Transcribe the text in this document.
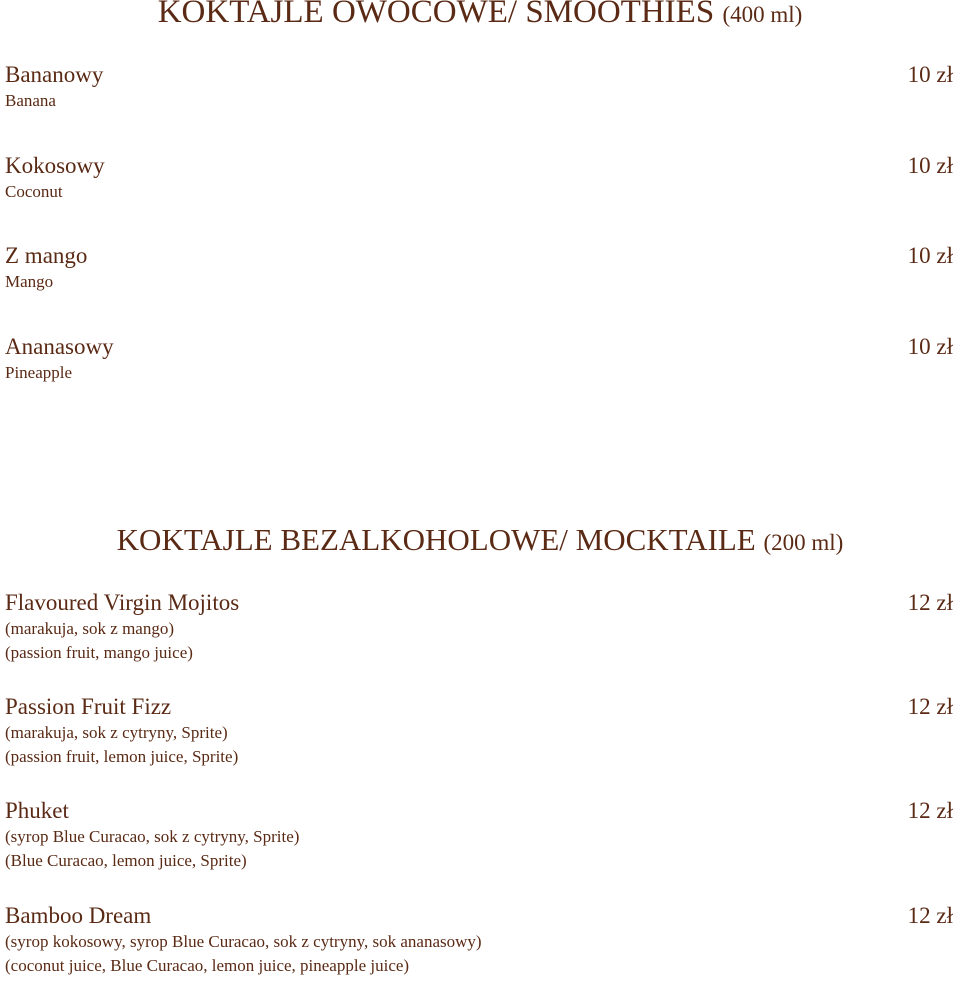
KOKTAJLE OWOCOWE/ SMOOTHIES (400 ml)
Bananowy
Banana
10 zł
Kokosowy
Coconut
10 zł
Z mango
Mango
10 zł
Ananasowy
Pineapple
10 zł
KOKTAJLE BEZALKOHOLOWE/ MOCKTAILE (200 ml)
Flavoured Virgin Mojitos
(marakuja, sok z mango)
(passion fruit, mango juice)
12 zł
Passion Fruit Fizz
(marakuja, sok z cytryny, Sprite)
(passion fruit, lemon juice, Sprite)
12 zł
Phuket
(syrop Blue Curacao, sok z cytryny, Sprite)
(Blue Curacao, lemon juice, Sprite)
12 zł
Bamboo Dream
(syrop kokosowy, syrop Blue Curacao, sok z cytryny, sok ananasowy)
(coconut juice, Blue Curacao, lemon juice, pineapple juice)
12 zł
